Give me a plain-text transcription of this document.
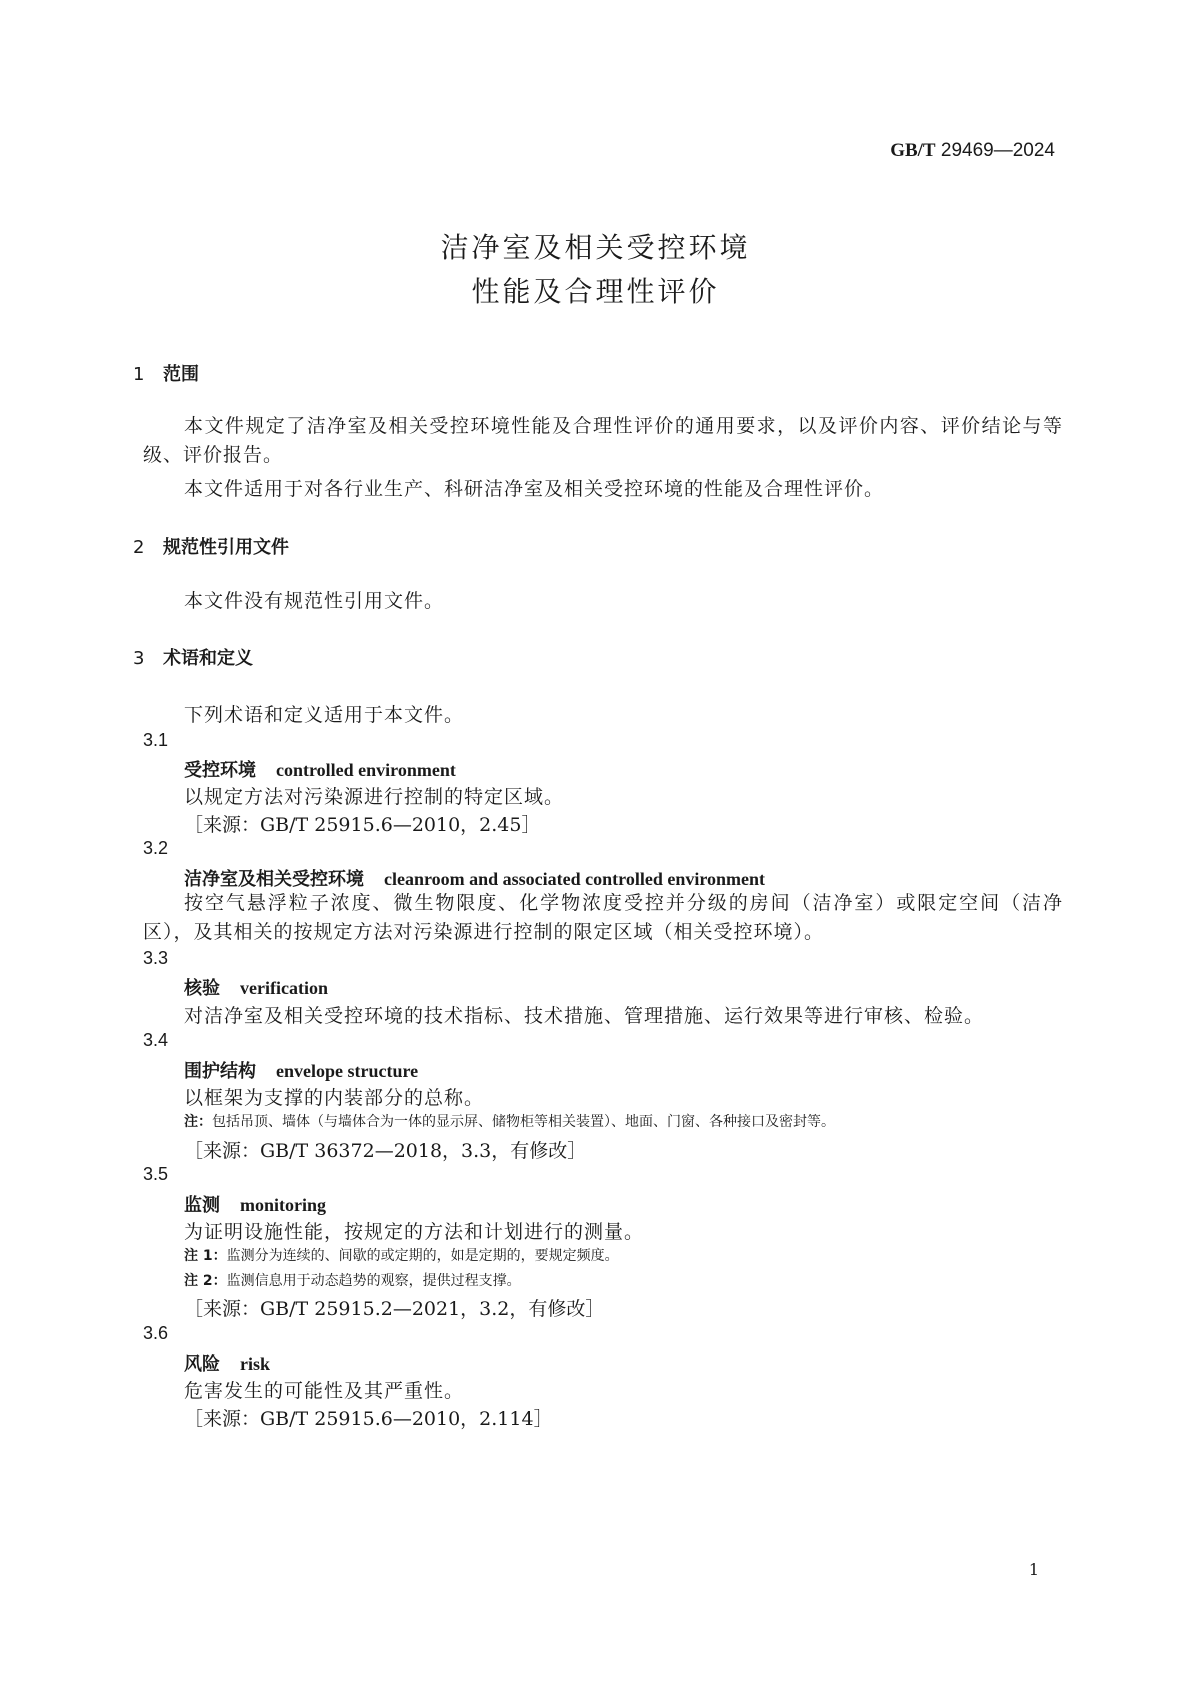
GB/T 29469—2024
洁净室及相关受控环境
性能及合理性评价
1 范围
本文件规定了洁净室及相关受控环境性能及合理性评价的通用要求，以及评价内容、评价结论与等级、评价报告。
本文件适用于对各行业生产、科研洁净室及相关受控环境的性能及合理性评价。
2 规范性引用文件
本文件没有规范性引用文件。
3 术语和定义
下列术语和定义适用于本文件。
3.1
受控环境 controlled environment
以规定方法对污染源进行控制的特定区域。
［来源：GB/T 25915.6—2010，2.45］
3.2
洁净室及相关受控环境 cleanroom and associated controlled environment
按空气悬浮粒子浓度、微生物限度、化学物浓度受控并分级的房间（洁净室）或限定空间（洁净区），及其相关的按规定方法对污染源进行控制的限定区域（相关受控环境）。
3.3
核验 verification
对洁净室及相关受控环境的技术指标、技术措施、管理措施、运行效果等进行审核、检验。
3.4
围护结构 envelope structure
以框架为支撑的内装部分的总称。
注：包括吊顶、墙体（与墙体合为一体的显示屏、储物柜等相关装置）、地面、门窗、各种接口及密封等。
［来源：GB/T 36372—2018，3.3，有修改］
3.5
监测 monitoring
为证明设施性能，按规定的方法和计划进行的测量。
注 1：监测分为连续的、间歇的或定期的，如是定期的，要规定频度。
注 2：监测信息用于动态趋势的观察，提供过程支撑。
［来源：GB/T 25915.2—2021，3.2，有修改］
3.6
风险 risk
危害发生的可能性及其严重性。
［来源：GB/T 25915.6—2010，2.114］
1
